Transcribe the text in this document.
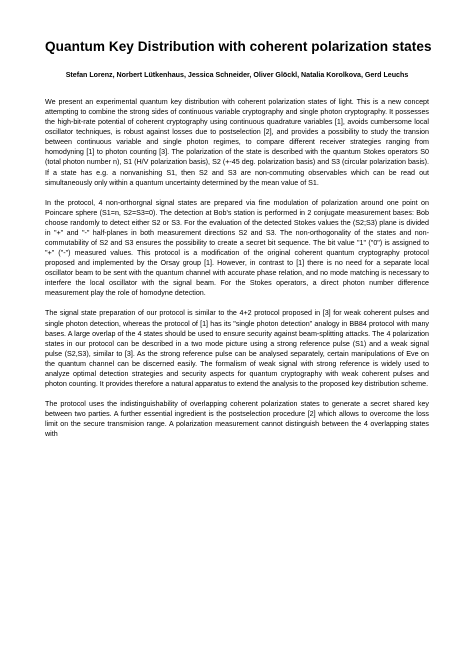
Quantum Key Distribution with coherent polarization states

Stefan Lorenz, Norbert Lütkenhaus, Jessica Schneider, Oliver Glöckl, Natalia Korolkova, Gerd Leuchs

We present an experimental quantum key distribution with coherent polarization states of light. This is a new concept attempting to combine the strong sides of continuous variable cryptography and single photon cryptography. It possesses the high-bit-rate potential of coherent cryptography using continuous quadrature variables [1], avoids cumbersome local oscillator techniques, is robust against losses due to postselection [2], and provides a possibility to study the transion between continuous variable and single photon regimes, to compare different receiver strategies ranging from homodyning [1] to photon counting [3]. The polarization of the state is described with the quantum Stokes operators S0 (total photon number n), S1 (H/V polarization basis), S2 (+-45 deg. polarization basis) and S3 (circular polarization basis). If a state has e.g. a nonvanishing S1, then S2 and S3 are non-commuting observables which can be read out simultaneously only within a quantum uncertainty determined by the mean value of S1.

In the protocol, 4 non-orthorgnal signal states are prepared via fine modulation of polarization around one point on Poincare sphere (S1=n, S2=S3=0). The detection at Bob's station is performed in 2 conjugate measurement bases: Bob choose randomly to detect either S2 or S3. For the evaluation of the detected Stokes values the (S2;S3) plane is divided in "+" and "-" half-planes in both measurement directions S2 and S3. The non-orthogonality of the states and non-commutability of S2 and S3 ensures the possibility to create a secret bit sequence. The bit value "1" ("0") is assigned to "+" ("-") measured values. This protocol is a modification of the original coherent quantum cryptography protocol proposed and implemented by the Orsay group [1]. However, in contrast to [1] there is no need for a separate local oscillator beam to be sent with the quantum channel with accurate phase relation, and no mode matching is necessary to interfere the local oscillator with the signal beam. For the Stokes operators, a direct photon number difference measurement play the role of homodyne detection.

The signal state preparation of our protocol is similar to the 4+2 protocol proposed in [3] for weak coherent pulses and single photon detection, whereas the protocol of [1] has its "single photon detection" analogy in BB84 protocol with many bases. A large overlap of the 4 states should be used to ensure security against beam-splitting attacks. The 4 polarization states in our protocol can be described in a two mode picture using a strong reference pulse (S1) and a weak signal pulse (S2,S3), similar to [3]. As the strong reference pulse can be analysed separately, certain manipulations of Eve on the quantum channel can be discerned easily. The formalism of weak signal with strong reference is widely used to analyze optimal detection strategies and security aspects for quantum cryptography with weak coherent pulses and photon counting. It provides therefore a natural apparatus to extend the analysis to the proposed key distribution scheme.

The protocol uses the indistinguishability of overlapping coherent polarization states to generate a secret shared key between two parties. A further essential ingredient is the postselection procedure [2] which allows to overcome the loss limit on the secure transmision range. A polarization measurement cannot distinguish between the 4 overlapping states with
